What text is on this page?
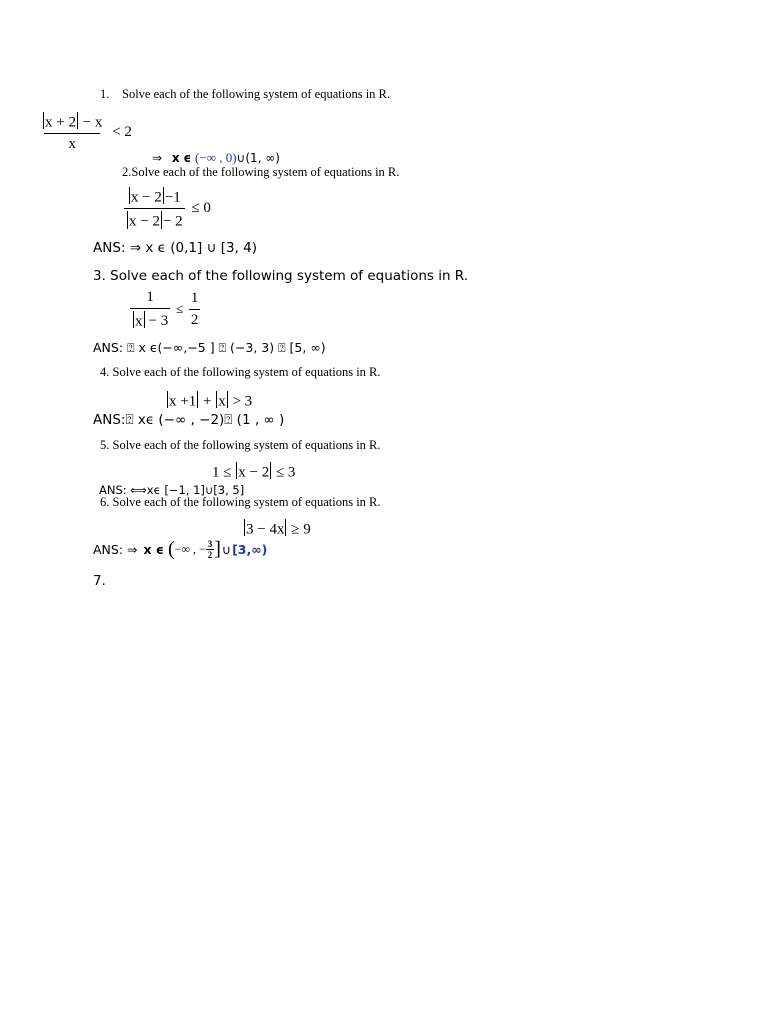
1. Solve each of the following system of equations in R.
$\frac{x + 2 - x}{x} < 2$
⇒ x ϵ (−∞ , 0)∪(1, ∞)
2.Solve each of the following system of equations in R.
$\frac{x - 2 -1}{x - 2 - 2} \le 0$
ANS: ⇒ x ϵ (0,1] ∪ [3, 4)
3. Solve each of the following system of equations in R.
$\frac{1}{x - 3} \le \frac{1}{2}$
ANS: ⍰ x ϵ(−∞,−5 ] ⍰ (−3, 3) ⍰ [5, ∞)
4. Solve each of the following system of equations in R.
x +1 + x > 3
ANS:⍰ xϵ (−∞ , −2)⍰ (1 , ∞ )
5. Solve each of the following system of equations in R.
1 ≤ x − 2 ≤ 3
ANS: ⟺xϵ [−1, 1]∪[3, 5]
6. Solve each of the following system of equations in R.
3 − 4x ≥ 9
ANS: ⇒ x ϵ ( −∞ , − $\frac{3}{2}$ ] ∪ [3,∞)
7.
